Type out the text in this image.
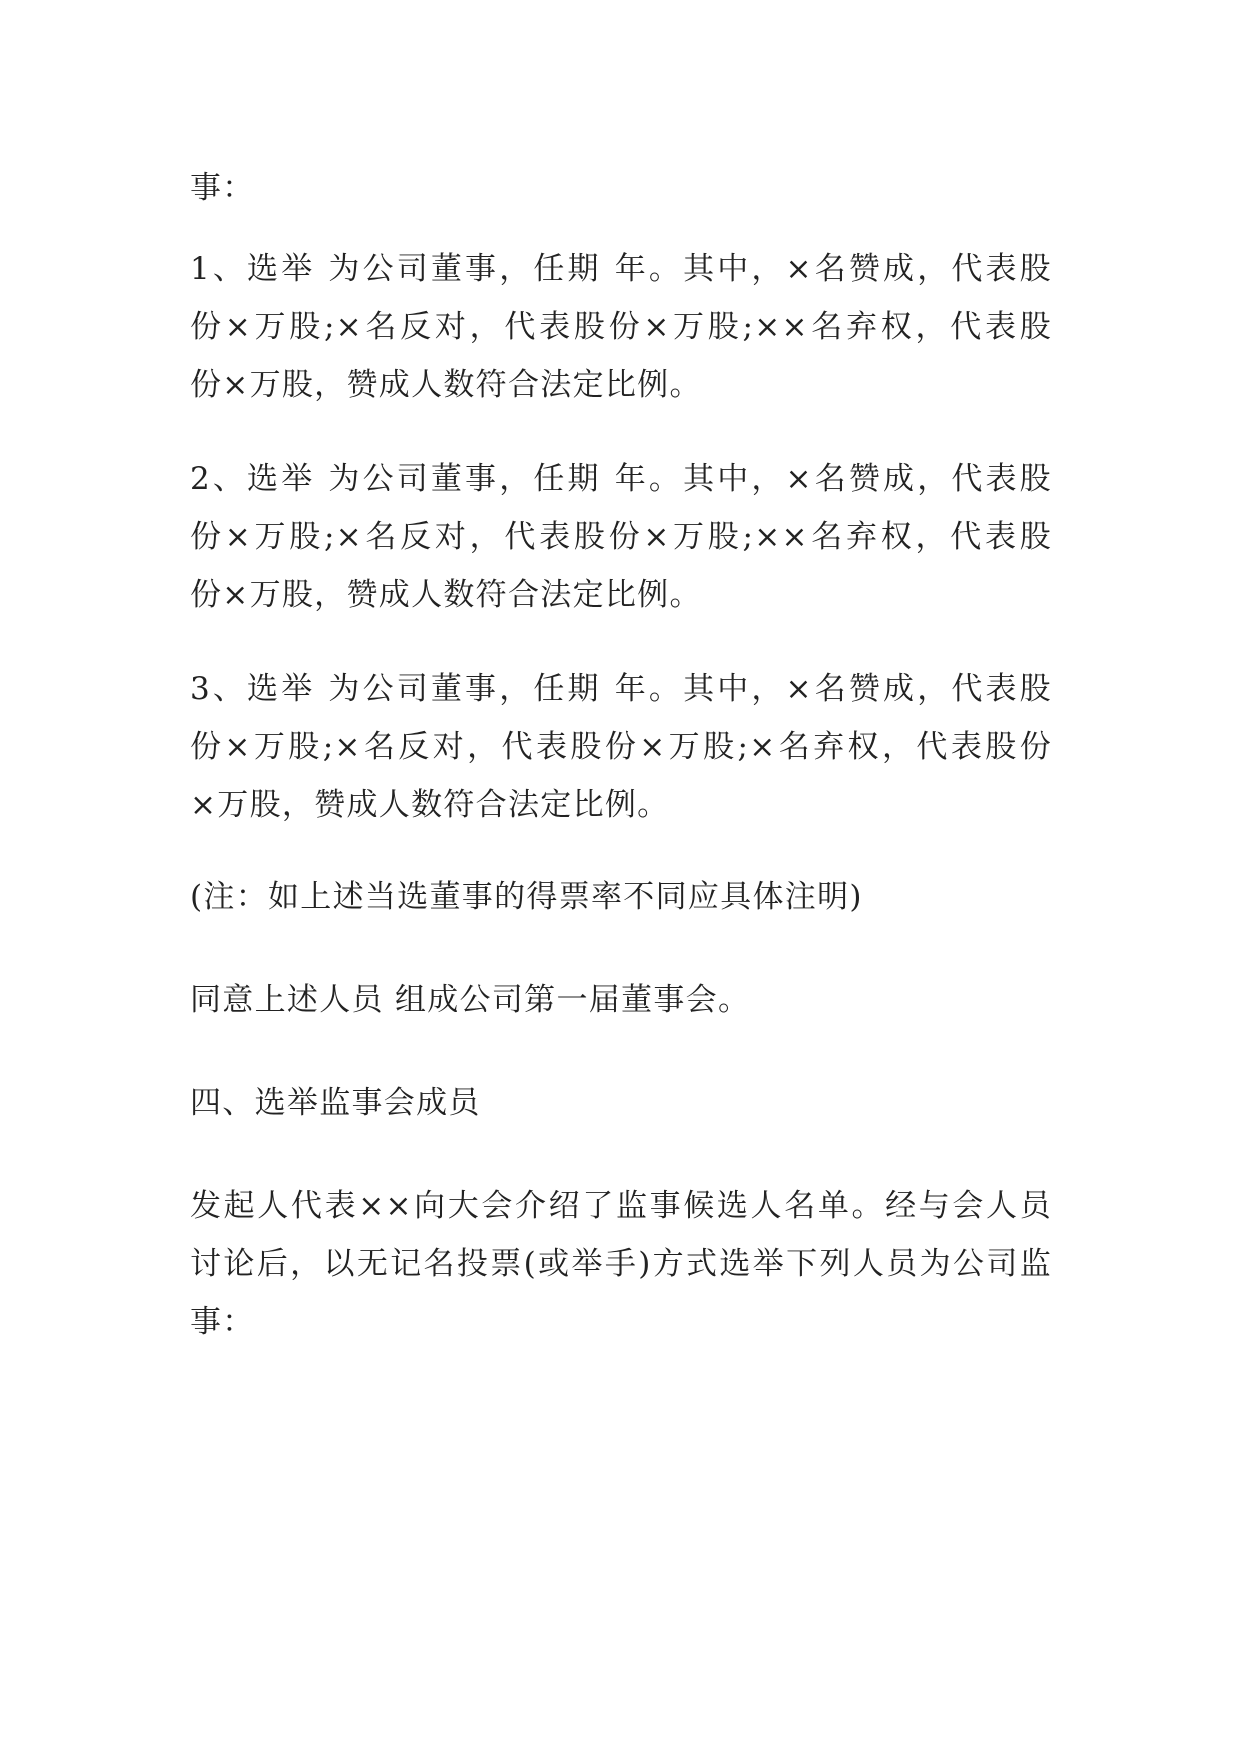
事：

1、选举 为公司董事，任期 年。其中，×名赞成，代表股
份×万股;×名反对，代表股份×万股;××名弃权，代表股
份×万股，赞成人数符合法定比例。

2、选举 为公司董事，任期 年。其中，×名赞成，代表股
份×万股;×名反对，代表股份×万股;××名弃权，代表股
份×万股，赞成人数符合法定比例。

3、选举 为公司董事，任期 年。其中，×名赞成，代表股
份×万股;×名反对，代表股份×万股;×名弃权，代表股份
×万股，赞成人数符合法定比例。

(注：如上述当选董事的得票率不同应具体注明)

同意上述人员 组成公司第一届董事会。

四、选举监事会成员

发起人代表××向大会介绍了监事候选人名单。经与会人员
讨论后，以无记名投票(或举手)方式选举下列人员为公司监
事：
